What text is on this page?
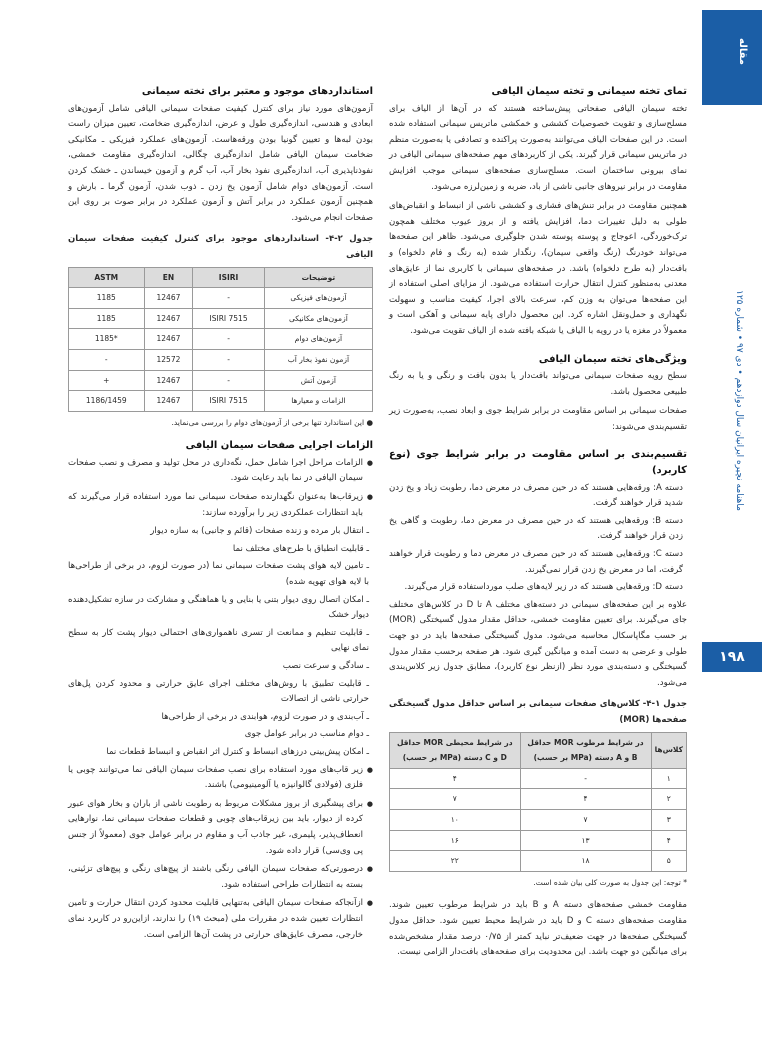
مقاله
ماهنامه نچیره ایرانیان سال دوازدهم • دی ۹۷ • شماره ۱۲۵
۱۹۸
تمای تخته سیمانی و تخته سیمان الیافی

تخته سیمان الیافی صفحاتی پیش‌ساخته هستند که در آن‌ها از الیاف برای مسلح‌سازی و تقویت خصوصیات کششی و خمکشی ماتریس سیمانی استفاده شده است. در این صفحات الیاف می‌توانند به‌صورت پراکنده و تصادفی یا به‌صورت منظم در ماتریس سیمانی قرار گیرند. یکی از کاربردهای مهم صفحه‌های سیمانی الیافی در نمای بیرونی ساختمان است. مسلح‌سازی صفحه‌های سیمانی موجب افزایش مقاومت در برابر نیروهای جانبی ناشی از باد، ضربه و زمین‌لرزه می‌شود.

همچنین مقاومت در برابر تنش‌های فشاری و کششی ناشی از انبساط و انقباض‌های طولی به دلیل تغییرات دما، افزایش یافته و از بروز عیوب مختلف همچون ترک‌خوردگی، اعوجاج و پوسته پوسته شدن جلوگیری می‌شود. ظاهر این صفحه‌ها می‌تواند خودرنگ (رنگ واقعی سیمان)، رنگدار شده (به رنگ و فام دلخواه) و بافت‌دار (به طرح دلخواه) باشد. در صفحه‌های سیمانی با کاربری نما از عایق‌های معدنی به‌منظور کنترل انتقال حرارت استفاده می‌شود. از مزایای اصلی استفاده از این صفحه‌ها می‌توان به وزن کم، سرعت بالای اجرا، کیفیت مناسب و سهولت نگهداری و حمل‌ونقل اشاره کرد. این محصول دارای پایه سیمانی و آهکی است و معمولاً در مغزه یا در رویه با الیاف یا شبکه بافته شده از الیاف تقویت می‌شود.

ویژگی‌های تخته سیمان الیافی

سطح رویه صفحات سیمانی می‌تواند بافت‌دار یا بدون بافت و رنگی و یا به رنگ طبیعی محصول باشد.

صفحات سیمانی بر اساس مقاومت در برابر شرایط جوی و ابعاد نصب، به‌صورت زیر تقسیم‌بندی می‌شوند:

تقسیم‌بندی بر اساس مقاومت در برابر شرایط جوی (نوع کاربرد)

دسته A: ورقه‌هایی هستند که در حین مصرف در معرض دما، رطوبت زیاد و یخ زدن شدید قرار خواهند گرفت.

دسته B: ورقه‌هایی هستند که در حین مصرف در معرض دما، رطوبت و گاهی یخ زدن قرار خواهند گرفت.

دسته C: ورقه‌هایی هستند که در حین مصرف در معرض دما و رطوبت قرار خواهند گرفت، اما در معرض یخ زدن قرار نمی‌گیرند.

دسته D: ورقه‌هایی هستند که در زیر لایه‌های صلب مورداستفاده قرار می‌گیرند.

علاوه بر این صفحه‌های سیمانی در دسته‌های مختلف A تا D در کلاس‌های مختلف جای می‌گیرند. برای تعیین مقاومت خمشی، حداقل مقدار مدول گسیختگی (MOR) بر حسب مگاپاسکال محاسبه می‌شود. مدول گسیختگی صفحه‌ها باید در دو جهت طولی و عرضی به دست آمده و میانگین گیری شود. هر صفحه برحسب مقدار مدول گسیختگی و دسته‌بندی مورد نظر (ازنظر نوع کاربرد)، مطابق جدول زیر کلاس‌بندی می‌شود.

جدول ۱-۴- کلاس‌های صفحات سیمانی بر اساس حداقل مدول گسیختگی صفحه‌ها (MOR)
حداقل MOR در شرایط محیطی (بر حسب MPa) دسته C و D	حداقل MOR در شرایط مرطوب (بر حسب MPa) دسته A و B	کلاس‌ها
۴	-	۱
۷	۴	۲
۱۰	۷	۳
۱۶	۱۳	۴
۲۲	۱۸	۵
* توجه: این جدول به صورت کلی بیان شده است.

مقاومت خمشی صفحه‌های دسته A و B باید در شرایط مرطوب تعیین شوند. مقاومت صفحه‌های دسته C و D باید در شرایط محیط تعیین شود. حداقل مدول گسیختگی صفحه‌ها در جهت ضعیف‌تر نباید کمتر از ۰/۷۵ درصد مقدار مشخص‌شده برای میانگین دو جهت باشد. این محدودیت برای صفحه‌های بافت‌دار الزامی نیست.

استانداردهای موجود و معتبر برای تخته سیمانی

آزمون‌های مورد نیاز برای کنترل کیفیت صفحات سیمانی الیافی شامل آزمون‌های ابعادی و هندسی، اندازه‌گیری طول و عرض، اندازه‌گیری ضخامت، تعیین میزان راست بودن لبه‌ها و تعیین گونیا بودن ورقه‌هاست. آزمون‌های عملکرد فیزیکی ـ مکانیکی ضخامت سیمان الیافی شامل اندازه‌گیری چگالی، اندازه‌گیری مقاومت خمشی، نفوذناپذیری آب، اندازه‌گیری نفوذ بخار آب، آب گرم و آزمون خیساندن ـ خشک کردن است. آزمون‌های دوام شامل آزمون یخ زدن ـ ذوب شدن، آزمون گرما ـ بارش و همچنین آزمون عملکرد در برابر آتش و آزمون عملکرد در برابر صوت بر روی این صفحات انجام می‌شود.

جدول ۲-۴- استانداردهای موجود برای کنترل کیفیت صفحات سیمان الیافی
ASTM	EN	ISIRI	توضیحات
1185	12467	-	آزمون‌های فیزیکی
1185	12467	ISIRI 7515	آزمون‌های مکانیکی
1185*	12467	-	آزمون‌های دوام
-	12572	-	آزمون نفوذ بخار آب
+	12467	-	آزمون آتش
1186/1459	12467	ISIRI 7515	الزامات و معیارها
● این استاندارد تنها برخی از آزمون‌های دوام را بررسی می‌نماید.
الزامات اجرایی صفحات سیمان الیافی
● الزامات مراحل اجرا شامل حمل، نگه‌داری در محل تولید و مصرف و نصب صفحات سیمان الیافی در نما باید رعایت شود.
● زیرقاب‌ها به‌عنوان نگهدارنده صفحات سیمانی نما مورد استفاده قرار می‌گیرند که باید انتظارات عملکردی زیر را برآورده سازند:

ـ انتقال بار مرده و زنده صفحات (قائم و جانبی) به سازه دیوار

ـ قابلیت انطباق با طرح‌های مختلف نما

ـ تامین لایه هوای پشت صفحات سیمانی نما (در صورت لزوم، در برخی از طراحی‌ها با لایه هوای تهویه شده)

ـ امکان اتصال روی دیوار بتنی یا بنایی و یا هماهنگی و مشارکت در سازه تشکیل‌دهنده دیوار خشک

ـ قابلیت تنظیم و ممانعت از تسری ناهمواری‌های احتمالی دیوار پشت کار به سطح نمای نهایی

ـ سادگی و سرعت نصب

ـ قابلیت تطبیق با روش‌های مختلف اجرای عایق حرارتی و محدود کردن پل‌های حرارتی ناشی از اتصالات

ـ آب‌بندی و در صورت لزوم، هوابندی در برخی از طراحی‌ها

ـ دوام مناسب در برابر عوامل جوی

ـ امکان پیش‌بینی درزهای انبساط و کنترل اثر انقباض و انبساط قطعات نما

● زیر قاب‌های مورد استفاده برای نصب صفحات سیمان الیافی نما می‌توانند چوبی یا فلزی (فولادی گالوانیزه یا آلومینیومی) باشند.
● برای پیشگیری از بروز مشکلات مربوط به رطوبت ناشی از باران و بخار هوای عبور کرده از دیوار، باید بین زیرقاب‌های چوبی و قطعات صفحات سیمانی نما، نوارهایی انعطاف‌پذیر، پلیمری، غیر جاذب آب و مقاوم در برابر عوامل جوی (معمولاً از جنس پی وی‌سی) قرار داده شود.
● درصورتی‌که صفحات سیمان الیافی رنگی باشند از پیچ‌های رنگی و پیچ‌های تزئینی، بسته به انتظارات طراحی استفاده شود.
● ازآنجاکه صفحات سیمان الیافی به‌تنهایی قابلیت محدود کردن انتقال حرارت و تامین انتظارات تعیین شده در مقررات ملی (مبحث ۱۹) را ندارند، ازاین‌رو در کاربرد نمای خارجی، مصرف عایق‌های حرارتی در پشت آن‌ها الزامی است.
